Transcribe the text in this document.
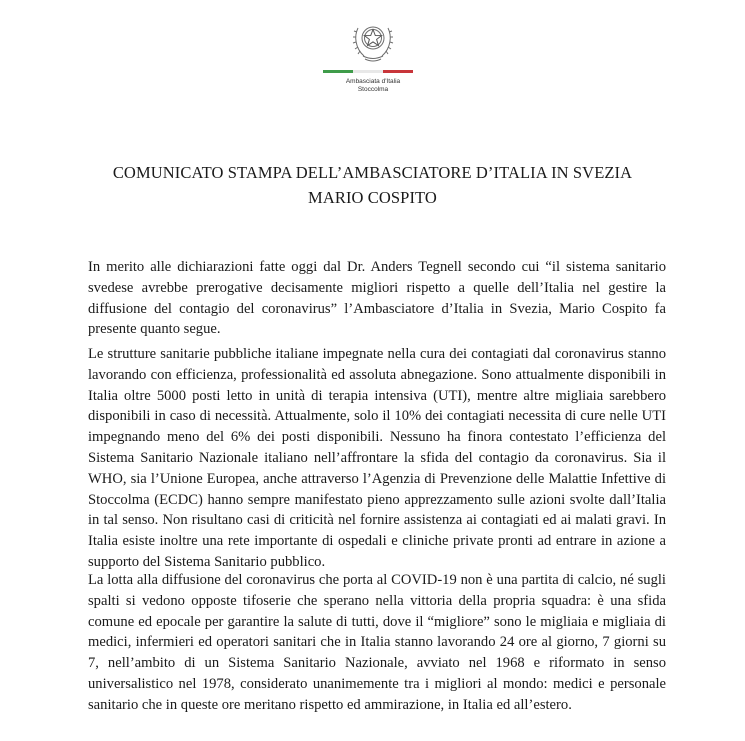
Ambasciata d'Italia
Stoccolma
COMUNICATO STAMPA DELL’AMBASCIATORE D’ITALIA IN SVEZIA
MARIO COSPITO

In merito alle dichiarazioni fatte oggi dal Dr. Anders Tegnell secondo cui “il sistema sanitario svedese avrebbe prerogative decisamente migliori rispetto a quelle dell’Italia nel gestire la diffusione del contagio del coronavirus” l’Ambasciatore d’Italia in Svezia, Mario Cospito fa presente quanto segue.

Le strutture sanitarie pubbliche italiane impegnate nella cura dei contagiati dal coronavirus stanno lavorando con efficienza, professionalità ed assoluta abnegazione. Sono attualmente disponibili in Italia oltre 5000 posti letto in unità di terapia intensiva (UTI), mentre altre migliaia sarebbero disponibili in caso di necessità. Attualmente, solo il 10% dei contagiati necessita di cure nelle UTI impegnando meno del 6% dei posti disponibili. Nessuno ha finora contestato l’efficienza del Sistema Sanitario Nazionale italiano nell’affrontare la sfida del contagio da coronavirus. Sia il WHO, sia l’Unione Europea, anche attraverso l’Agenzia di Prevenzione delle Malattie Infettive di Stoccolma (ECDC) hanno sempre manifestato pieno apprezzamento sulle azioni svolte dall’Italia in tal senso. Non risultano casi di criticità nel fornire assistenza ai contagiati ed ai malati gravi. In Italia esiste inoltre una rete importante di ospedali e cliniche private pronti ad entrare in azione a supporto del Sistema Sanitario pubblico.

La lotta alla diffusione del coronavirus che porta al COVID-19 non è una partita di calcio, né sugli spalti si vedono opposte tifoserie che sperano nella vittoria della propria squadra: è una sfida comune ed epocale per garantire la salute di tutti, dove il “migliore” sono le migliaia e migliaia di medici, infermieri ed operatori sanitari che in Italia stanno lavorando 24 ore al giorno, 7 giorni su 7, nell’ambito di un Sistema Sanitario Nazionale, avviato nel 1968 e riformato in senso universalistico nel 1978, considerato unanimemente tra i migliori al mondo: medici e personale sanitario che in queste ore meritano rispetto ed ammirazione, in Italia ed all’estero.
